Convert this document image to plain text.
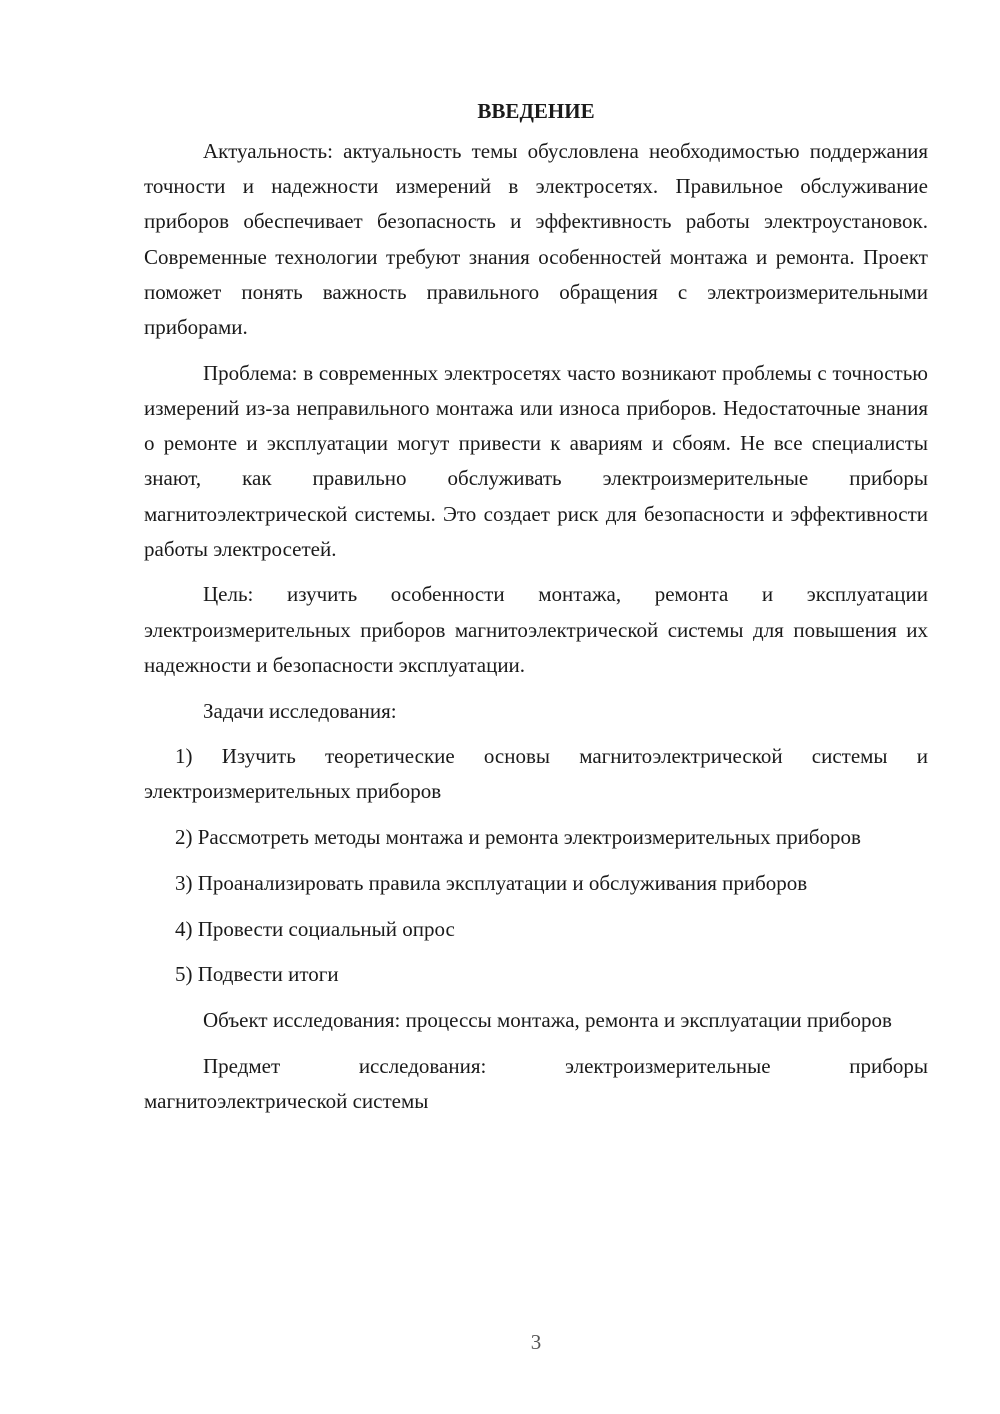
ВВЕДЕНИЕ

Актуальность: актуальность темы обусловлена необходимостью поддержания точности и надежности измерений в электросетях. Правильное обслуживание приборов обеспечивает безопасность и эффективность работы электроустановок. Современные технологии требуют знания особенностей монтажа и ремонта. Проект поможет понять важность правильного обращения с электроизмерительными приборами.

Проблема: в современных электросетях часто возникают проблемы с точностью измерений из-за неправильного монтажа или износа приборов. Недостаточные знания о ремонте и эксплуатации могут привести к авариям и сбоям. Не все специалисты знают, как правильно обслуживать электроизмерительные приборы магнитоэлектрической системы. Это создает риск для безопасности и эффективности работы электросетей.

Цель: изучить особенности монтажа, ремонта и эксплуатации электроизмерительных приборов магнитоэлектрической системы для повышения их надежности и безопасности эксплуатации.

Задачи исследования:

1) Изучить теоретические основы магнитоэлектрической системы и электроизмерительных приборов

2) Рассмотреть методы монтажа и ремонта электроизмерительных приборов

3) Проанализировать правила эксплуатации и обслуживания приборов

4) Провести социальный опрос

5) Подвести итоги

Объект исследования: процессы монтажа, ремонта и эксплуатации приборов

Предмет исследования: электроизмерительные приборы

магнитоэлектрической системы

3
